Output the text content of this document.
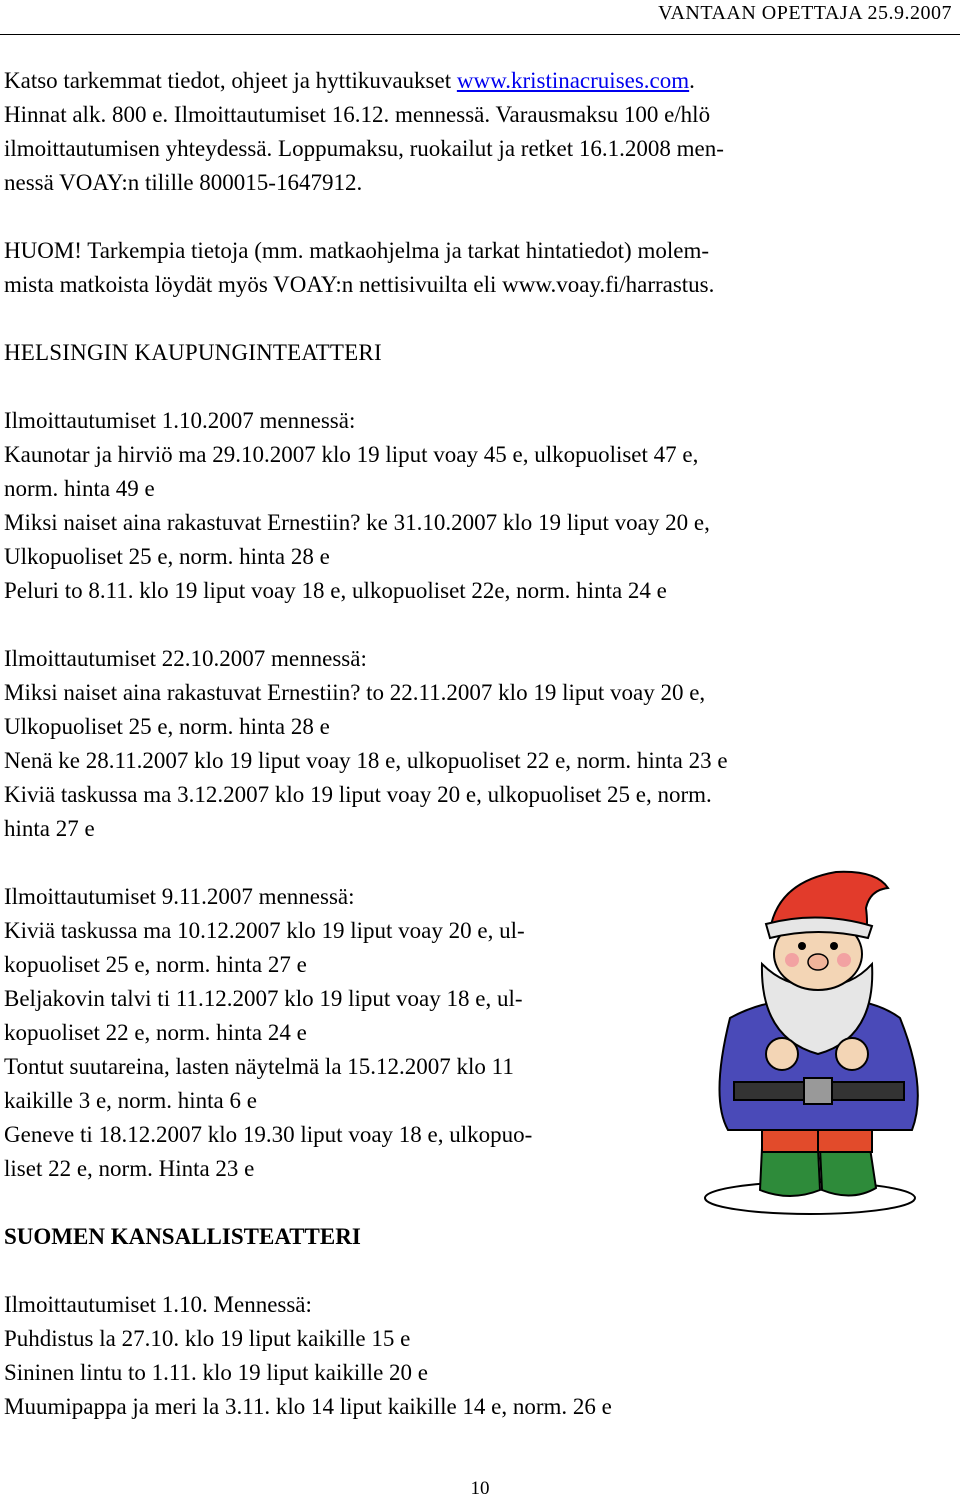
VANTAAN OPETTAJA 25.9.2007

Katso tarkemmat tiedot, ohjeet ja hyttikuvaukset www.kristinacruises.com.

Hinnat alk. 800 e. Ilmoittautumiset 16.12. mennessä. Varausmaksu 100 e/hlö

ilmoittautumisen yhteydessä. Loppumaksu, ruokailut ja retket 16.1.2008 men-

nessä VOAY:n tilille 800015-1647912.

HUOM! Tarkempia tietoja (mm. matkaohjelma ja tarkat hintatiedot) molem-

mista matkoista löydät myös VOAY:n nettisivuilta eli www.voay.fi/harrastus.

HELSINGIN KAUPUNGINTEATTERI

Ilmoittautumiset 1.10.2007 mennessä:

Kaunotar ja hirviö ma 29.10.2007 klo 19 liput voay 45 e, ulkopuoliset 47 e,

norm. hinta 49 e

Miksi naiset aina rakastuvat Ernestiin? ke 31.10.2007 klo 19 liput voay 20 e,

Ulkopuoliset 25 e, norm. hinta 28 e

Peluri to 8.11. klo 19 liput voay 18 e, ulkopuoliset 22e, norm. hinta 24 e

Ilmoittautumiset 22.10.2007 mennessä:

Miksi naiset aina rakastuvat Ernestiin? to 22.11.2007 klo 19 liput voay 20 e,

Ulkopuoliset 25 e, norm. hinta 28 e

Nenä ke 28.11.2007 klo 19 liput voay 18 e, ulkopuoliset 22 e, norm. hinta 23 e

Kiviä taskussa ma 3.12.2007 klo 19 liput voay 20 e, ulkopuoliset 25 e, norm.

hinta 27 e

Ilmoittautumiset 9.11.2007 mennessä:

Kiviä taskussa ma 10.12.2007 klo 19 liput voay 20 e, ul-

kopuoliset 25 e, norm. hinta 27 e

Beljakovin talvi ti 11.12.2007 klo 19 liput voay 18 e, ul-

kopuoliset 22 e, norm. hinta 24 e

Tontut suutareina, lasten näytelmä la 15.12.2007 klo 11

kaikille 3 e, norm. hinta 6 e

Geneve ti 18.12.2007 klo 19.30 liput voay 18 e, ulkopuo-

liset 22 e, norm. Hinta 23 e

SUOMEN KANSALLISTEATTERI

Ilmoittautumiset 1.10. Mennessä:

Puhdistus la 27.10. klo 19 liput kaikille 15 e

Sininen lintu to 1.11. klo 19 liput kaikille 20 e

Muumipappa ja meri la 3.11. klo 14 liput kaikille 14 e, norm. 26 e

10
